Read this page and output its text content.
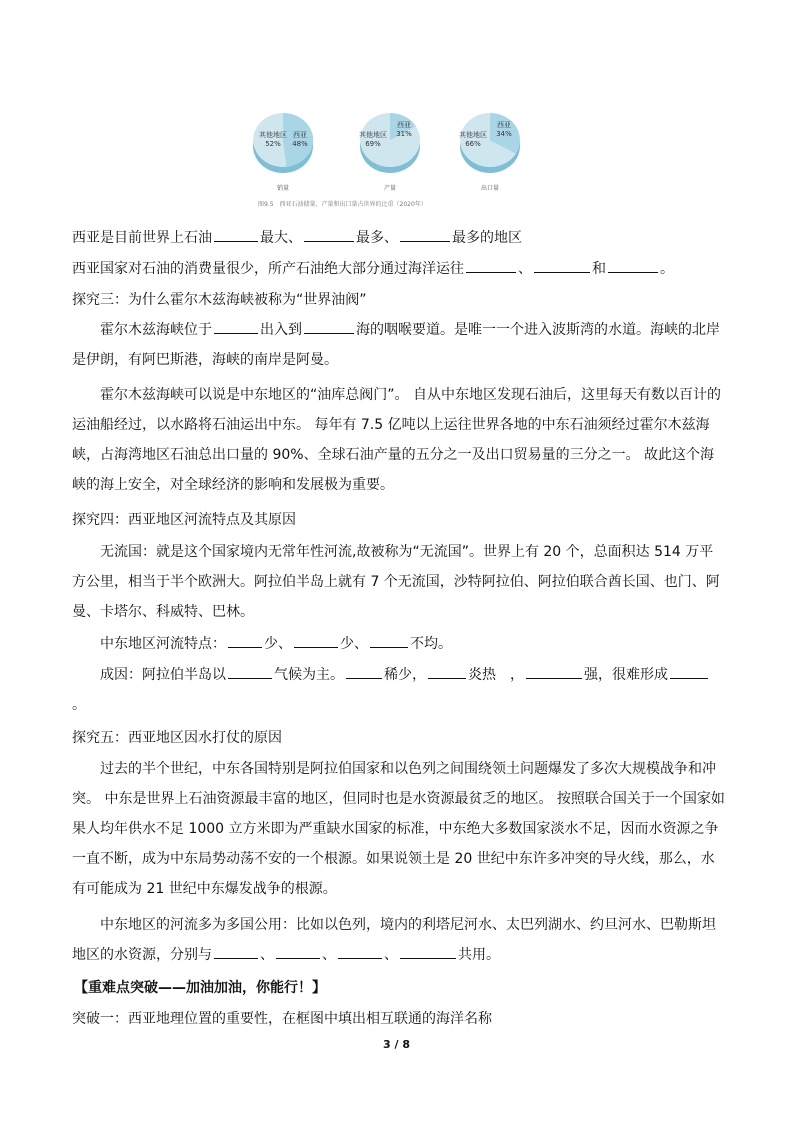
其他地区
52%
西亚
48%
销量
其他地区
69%
西亚
31%
产量
其他地区
66%
西亚
34%
出口量
图9.5　西亚石油储量、产量和出口量占世界的比重（2020年）
西亚是目前世界上石油	最大、	最多、	最多的地区
西亚国家对石油的消费量很少，所产石油绝大部分通过海洋运往	、	和	。
探究三：为什么霍尔木兹海峡被称为“世界油阀”
霍尔木兹海峡位于	出入到	海的咽喉要道。是唯一一个进入波斯湾的水道。海峡的北岸是伊朗，有阿巴斯港，海峡的南岸是阿曼。
霍尔木兹海峡可以说是中东地区的“油库总阀门”。 自从中东地区发现石油后，这里每天有数以百计的运油船经过，以水路将石油运出中东。 每年有 7.5 亿吨以上运往世界各地的中东石油须经过霍尔木兹海峡，占海湾地区石油总出口量的 90%、全球石油产量的五分之一及出口贸易量的三分之一。 故此这个海峡的海上安全，对全球经济的影响和发展极为重要。
探究四：西亚地区河流特点及其原因
无流国：就是这个国家境内无常年性河流,故被称为“无流国”。世界上有 20 个，总面积达 514 万平方公里，相当于半个欧洲大。阿拉伯半岛上就有 7 个无流国，沙特阿拉伯、阿拉伯联合酋长国、也门、阿曼、卡塔尔、科威特、巴林。
中东地区河流特点：	少、	少、	不均。
成因：阿拉伯半岛以	气候为主。	稀少，	炎热　，	强，很难形成
。
探究五：西亚地区因水打仗的原因
过去的半个世纪，中东各国特别是阿拉伯国家和以色列之间围绕领土问题爆发了多次大规模战争和冲突。 中东是世界上石油资源最丰富的地区，但同时也是水资源最贫乏的地区。 按照联合国关于一个国家如果人均年供水不足 1000 立方米即为严重缺水国家的标准，中东绝大多数国家淡水不足，因而水资源之争一直不断，成为中东局势动荡不安的一个根源。如果说领土是 20 世纪中东许多冲突的导火线，那么，水有可能成为 21 世纪中东爆发战争的根源。
中东地区的河流多为多国公用：比如以色列，境内的利塔尼河水、太巴列湖水、约旦河水、巴勒斯坦地区的水资源，分别与	、	、	、	共用。
【重难点突破——加油加油，你能行！】
突破一：西亚地理位置的重要性，在框图中填出相互联通的海洋名称
3 / 8
